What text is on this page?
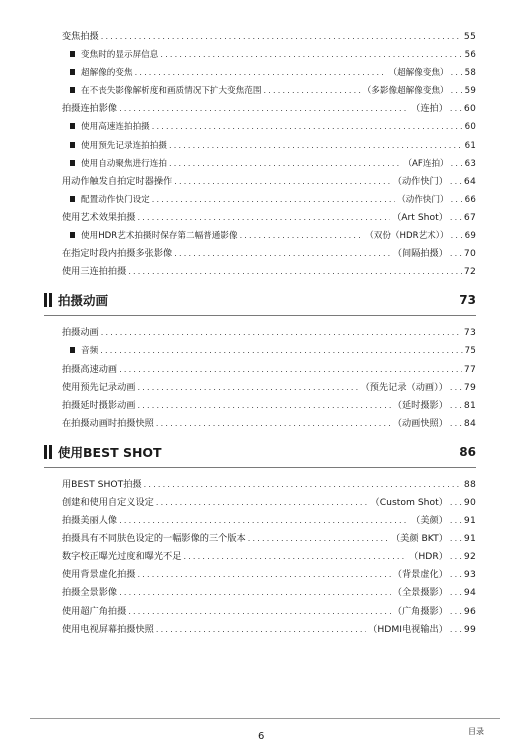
变焦拍摄 .....	55
变焦时的显示屏信息 .....	56
超解像的变焦 .....	（超解像变焦） ..... 58
在不丧失影像解析度和画质情况下扩大变焦范围 .....	（多影像超解像变焦） ..... 59
拍摄连拍影像 .....	（连拍） ..... 60
使用高速连拍拍摄 .....	60
使用预先记录连拍拍摄 .....	61
使用自动聚焦进行连拍 .....	（AF连拍） ..... 63
用动作触发自拍定时器操作 .....	（动作快门） ..... 64
配置动作快门设定 .....	（动作快门） ..... 66
使用艺术效果拍摄 .....	（Art Shot） ..... 67
使用HDR艺术拍摄时保存第二幅普通影像 .....	（双份（HDR艺术）） ..... 69
在指定时段内拍摄多张影像 .....	（间隔拍摄） ..... 70
使用三连拍拍摄 .....	72
拍摄动画	73
拍摄动画 .....	73
音频 .....	75
拍摄高速动画 .....	77
使用预先记录动画 .....	（预先记录（动画）） ..... 79
拍摄延时摄影动画 .....	（延时摄影） ..... 81
在拍摄动画时拍摄快照 .....	（动画快照） ..... 84
使用BEST SHOT	86
用BEST SHOT拍摄 .....	88
创建和使用自定义设定 .....	（Custom Shot） ..... 90
拍摄美丽人像 .....	（美颜） ..... 91
拍摄具有不同肤色设定的一幅影像的三个版本 .....	（美颜 BKT） ..... 91
数字校正曝光过度和曝光不足 .....	（HDR） ..... 92
使用背景虚化拍摄 .....	（背景虚化） ..... 93
拍摄全景影像 .....	（全景摄影） ..... 94
使用超广角拍摄 .....	（广角摄影） ..... 96
使用电视屏幕拍摄快照 .....	（HDMI电视输出） ..... 99
6	目录
